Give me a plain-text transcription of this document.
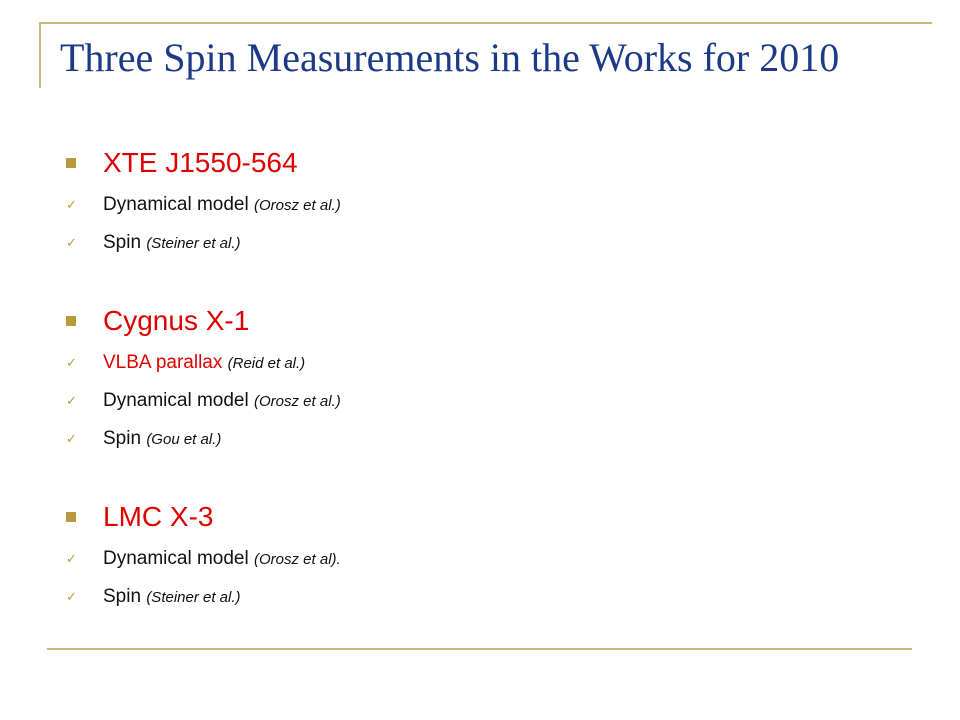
Three Spin Measurements in the Works for 2010
XTE J1550-564
✓ Dynamical model (Orosz et al.)
✓ Spin (Steiner et al.)
Cygnus X-1
✓ VLBA parallax (Reid et al.)
✓ Dynamical model (Orosz et al.)
✓ Spin (Gou et al.)
LMC X-3
✓ Dynamical model (Orosz et al).
✓ Spin (Steiner et al.)
